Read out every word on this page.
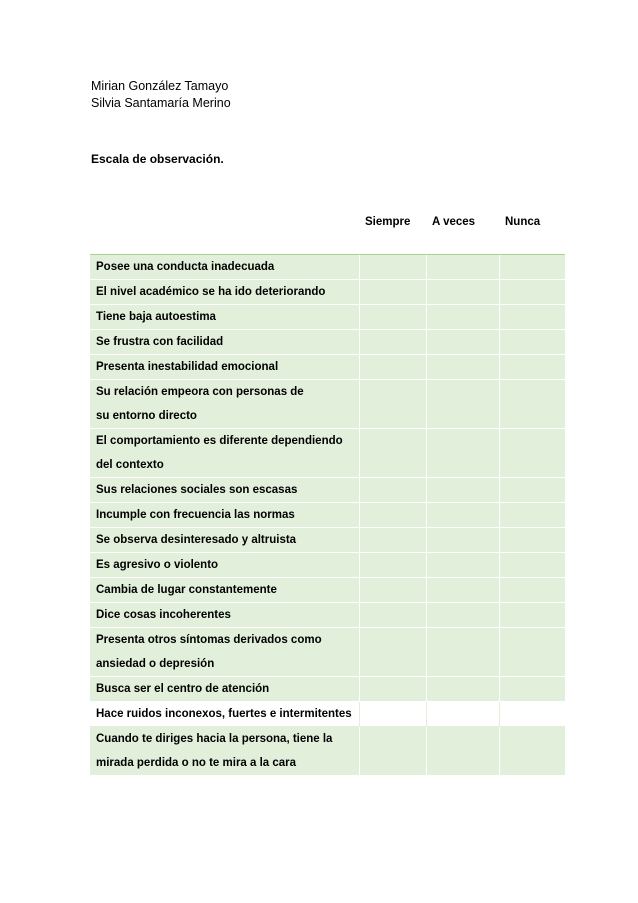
Mirian González Tamayo
Silvia Santamaría Merino
Escala de observación.
	Siempre	A veces	Nunca

Posee una conducta inadecuada			

El nivel académico se ha ido deteriorando			

Tiene baja autoestima			

Se frustra con facilidad			

Presenta inestabilidad emocional			

Su relación empeora con personas de su entorno directo			

El comportamiento es diferente dependiendo del contexto			

Sus relaciones sociales son escasas			

Incumple con frecuencia las normas			

Se observa desinteresado y altruista			

Es agresivo o violento			

Cambia de lugar constantemente			

Dice cosas incoherentes			

Presenta otros síntomas derivados como ansiedad o depresión			

Busca ser el centro de atención			

Hace ruidos inconexos, fuertes e intermitentes			

Cuando te diriges hacia la persona, tiene la mirada perdida o no te mira a la cara			
